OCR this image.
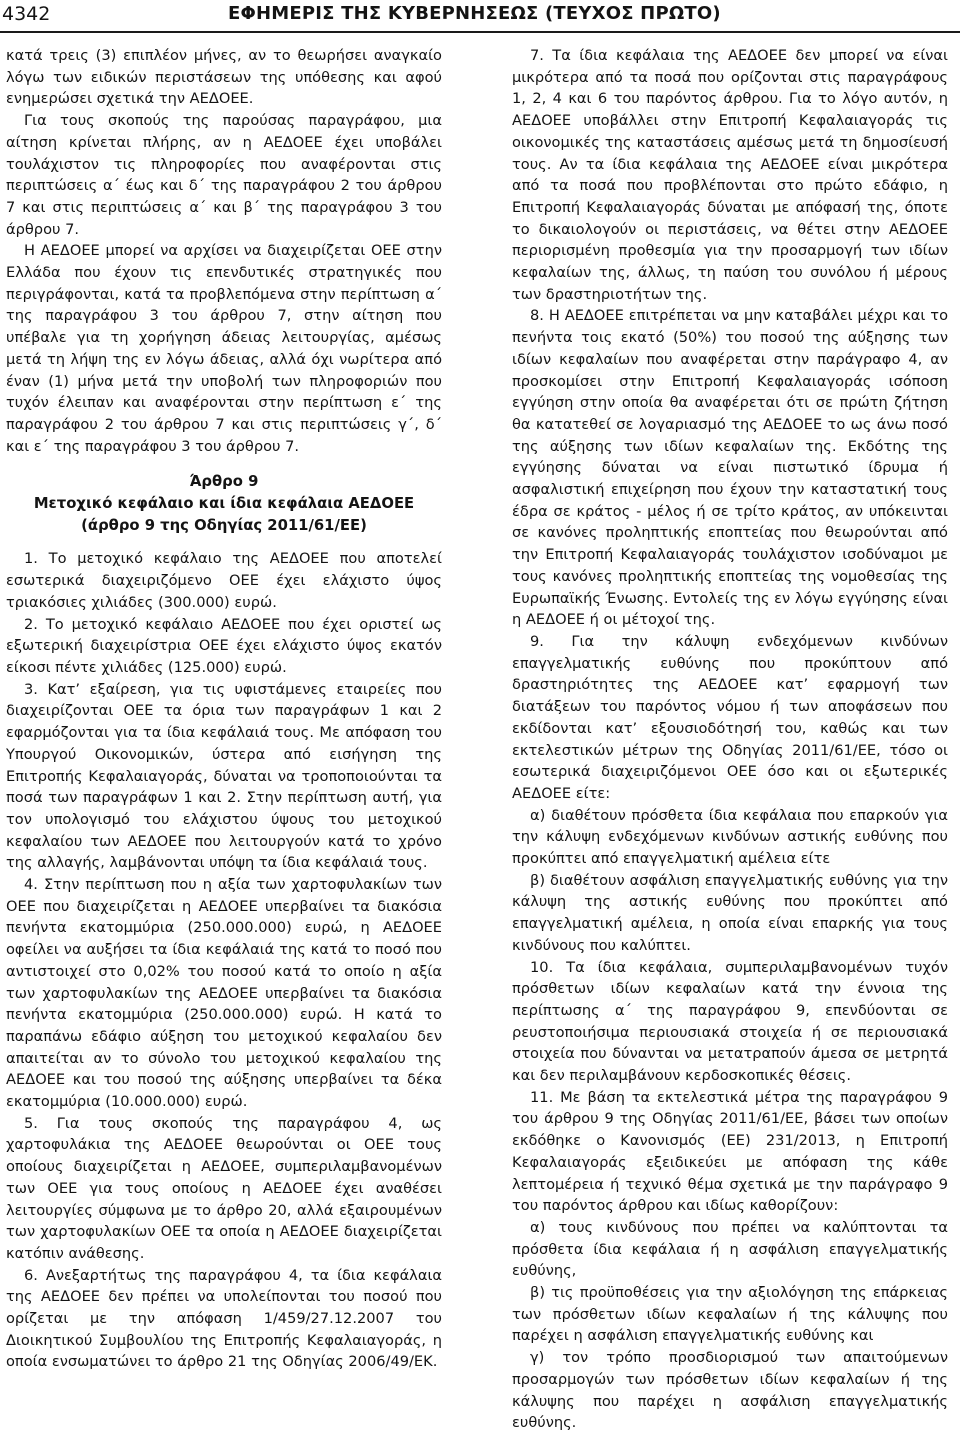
4342	ΕΦΗΜΕΡΙΣ ΤΗΣ ΚΥΒΕΡΝΗΣΕΩΣ (ΤΕΥΧΟΣ ΠΡΩΤΟ)

κατά τρεις (3) επιπλέον μήνες, αν το θεωρήσει αναγκαίο λόγω των ειδικών περιστάσεων της υπόθεσης και αφού ενημερώσει σχετικά την ΑΕΔΟΕΕ.

Για τους σκοπούς της παρούσας παραγράφου, μια αίτηση κρίνεται πλήρης, αν η ΑΕΔΟΕΕ έχει υποβάλει τουλάχιστον τις πληροφορίες που αναφέρονται στις περιπτώσεις α΄ έως και δ΄ της παραγράφου 2 του άρθρου 7 και στις περιπτώσεις α΄ και β΄ της παραγράφου 3 του άρθρου 7.

Η ΑΕΔΟΕΕ μπορεί να αρχίσει να διαχειρίζεται ΟΕΕ στην Ελλάδα που έχουν τις επενδυτικές στρατηγικές που περιγράφονται, κατά τα προβλεπόμενα στην περίπτωση α΄ της παραγράφου 3 του άρθρου 7, στην αίτηση που υπέβαλε για τη χορήγηση άδειας λειτουργίας, αμέσως μετά τη λήψη της εν λόγω άδειας, αλλά όχι νωρίτερα από έναν (1) μήνα μετά την υποβολή των πληροφοριών που τυχόν έλειπαν και αναφέρονται στην περίπτωση ε΄ της παραγράφου 2 του άρθρου 7 και στις περιπτώσεις γ΄, δ΄ και ε΄ της παραγράφου 3 του άρθρου 7.

Άρθρο 9
Μετοχικό κεφάλαιο και ίδια κεφάλαια ΑΕΔΟΕΕ
(άρθρο 9 της Οδηγίας 2011/61/ΕΕ)

1. Το μετοχικό κεφάλαιο της ΑΕΔΟΕΕ που αποτελεί εσωτερικά διαχειριζόμενο ΟΕΕ έχει ελάχιστο ύψος τριακόσιες χιλιάδες (300.000) ευρώ.

2. Το μετοχικό κεφάλαιο ΑΕΔΟΕΕ που έχει οριστεί ως εξωτερική διαχειρίστρια ΟΕΕ έχει ελάχιστο ύψος εκατόν είκοσι πέντε χιλιάδες (125.000) ευρώ.

3. Κατ’ εξαίρεση, για τις υφιστάμενες εταιρείες που διαχειρίζονται ΟΕΕ τα όρια των παραγράφων 1 και 2 εφαρμόζονται για τα ίδια κεφάλαιά τους. Με απόφαση του Υπουργού Οικονομικών, ύστερα από εισήγηση της Επιτροπής Κεφαλαιαγοράς, δύναται να τροποποιούνται τα ποσά των παραγράφων 1 και 2. Στην περίπτωση αυτή, για τον υπολογισμό του ελάχιστου ύψους του μετοχικού κεφαλαίου των ΑΕΔΟΕΕ που λειτουργούν κατά το χρόνο της αλλαγής, λαμβάνονται υπόψη τα ίδια κεφάλαιά τους.

4. Στην περίπτωση που η αξία των χαρτοφυλακίων των ΟΕΕ που διαχειρίζεται η ΑΕΔΟΕΕ υπερβαίνει τα διακόσια πενήντα εκατομμύρια (250.000.000) ευρώ, η ΑΕΔΟΕΕ οφείλει να αυξήσει τα ίδια κεφάλαιά της κατά το ποσό που αντιστοιχεί στο 0,02% του ποσού κατά το οποίο η αξία των χαρτοφυλακίων της ΑΕΔΟΕΕ υπερβαίνει τα διακόσια πενήντα εκατομμύρια (250.000.000) ευρώ. Η κατά το παραπάνω εδάφιο αύξηση του μετοχικού κεφαλαίου δεν απαιτείται αν το σύνολο του μετοχικού κεφαλαίου της ΑΕΔΟΕΕ και του ποσού της αύξησης υπερβαίνει τα δέκα εκατομμύρια (10.000.000) ευρώ.

5. Για τους σκοπούς της παραγράφου 4, ως χαρτοφυλάκια της ΑΕΔΟΕΕ θεωρούνται οι ΟΕΕ τους οποίους διαχειρίζεται η ΑΕΔΟΕΕ, συμπεριλαμβανομένων των ΟΕΕ για τους οποίους η ΑΕΔΟΕΕ έχει αναθέσει λειτουργίες σύμφωνα με το άρθρο 20, αλλά εξαιρουμένων των χαρτοφυλακίων ΟΕΕ τα οποία η ΑΕΔΟΕΕ διαχειρίζεται κατόπιν ανάθεσης.

6. Ανεξαρτήτως της παραγράφου 4, τα ίδια κεφάλαια της ΑΕΔΟΕΕ δεν πρέπει να υπολείπονται του ποσού που ορίζεται με την απόφαση 1/459/27.12.2007 του Διοικητικού Συμβουλίου της Επιτροπής Κεφαλαιαγοράς, η οποία ενσωματώνει το άρθρο 21 της Οδηγίας 2006/49/ΕΚ.

7. Τα ίδια κεφάλαια της ΑΕΔΟΕΕ δεν μπορεί να είναι μικρότερα από τα ποσά που ορίζονται στις παραγράφους 1, 2, 4 και 6 του παρόντος άρθρου. Για το λόγο αυτόν, η ΑΕΔΟΕΕ υποβάλλει στην Επιτροπή Κεφαλαιαγοράς τις οικονομικές της καταστάσεις αμέσως μετά τη δημοσίευσή τους. Αν τα ίδια κεφάλαια της ΑΕΔΟΕΕ είναι μικρότερα από τα ποσά που προβλέπονται στο πρώτο εδάφιο, η Επιτροπή Κεφαλαιαγοράς δύναται με απόφασή της, όποτε το δικαιολογούν οι περιστάσεις, να θέτει στην ΑΕΔΟΕΕ περιορισμένη προθεσμία για την προσαρμογή των ιδίων κεφαλαίων της, άλλως, τη παύση του συνόλου ή μέρους των δραστηριοτήτων της.

8. Η ΑΕΔΟΕΕ επιτρέπεται να μην καταβάλει μέχρι και το πενήντα τοις εκατό (50%) του ποσού της αύξησης των ιδίων κεφαλαίων που αναφέρεται στην παράγραφο 4, αν προσκομίσει στην Επιτροπή Κεφαλαιαγοράς ισόποση εγγύηση στην οποία θα αναφέρεται ότι σε πρώτη ζήτηση θα κατατεθεί σε λογαριασμό της ΑΕΔΟΕΕ το ως άνω ποσό της αύξησης των ιδίων κεφαλαίων της. Εκδότης της εγγύησης δύναται να είναι πιστωτικό ίδρυμα ή ασφαλιστική επιχείρηση που έχουν την καταστατική τους έδρα σε κράτος - μέλος ή σε τρίτο κράτος, αν υπόκεινται σε κανόνες προληπτικής εποπτείας που θεωρούνται από την Επιτροπή Κεφαλαιαγοράς τουλάχιστον ισοδύναμοι με τους κανόνες προληπτικής εποπτείας της νομοθεσίας της Ευρωπαϊκής Ένωσης. Εντολείς της εν λόγω εγγύησης είναι η ΑΕΔΟΕΕ ή οι μέτοχοί της.

9. Για την κάλυψη ενδεχόμενων κινδύνων επαγγελματικής ευθύνης που προκύπτουν από δραστηριότητες της ΑΕΔΟΕΕ κατ’ εφαρμογή των διατάξεων του παρόντος νόμου ή των αποφάσεων που εκδίδονται κατ’ εξουσιοδότησή του, καθώς και των εκτελεστικών μέτρων της Οδηγίας 2011/61/ΕΕ, τόσο οι εσωτερικά διαχειριζόμενοι ΟΕΕ όσο και οι εξωτερικές ΑΕΔΟΕΕ είτε:

α) διαθέτουν πρόσθετα ίδια κεφάλαια που επαρκούν για την κάλυψη ενδεχόμενων κινδύνων αστικής ευθύνης που προκύπτει από επαγγελματική αμέλεια είτε

β) διαθέτουν ασφάλιση επαγγελματικής ευθύνης για την κάλυψη της αστικής ευθύνης που προκύπτει από επαγγελματική αμέλεια, η οποία είναι επαρκής για τους κινδύνους που καλύπτει.

10. Τα ίδια κεφάλαια, συμπεριλαμβανομένων τυχόν πρόσθετων ιδίων κεφαλαίων κατά την έννοια της περίπτωσης α΄ της παραγράφου 9, επενδύονται σε ρευστοποιήσιμα περιουσιακά στοιχεία ή σε περιουσιακά στοιχεία που δύνανται να μετατραπούν άμεσα σε μετρητά και δεν περιλαμβάνουν κερδοσκοπικές θέσεις.

11. Με βάση τα εκτελεστικά μέτρα της παραγράφου 9 του άρθρου 9 της Οδηγίας 2011/61/ΕΕ, βάσει των οποίων εκδόθηκε ο Κανονισμός (ΕΕ) 231/2013, η Επιτροπή Κεφαλαιαγοράς εξειδικεύει με απόφαση της κάθε λεπτομέρεια ή τεχνικό θέμα σχετικά με την παράγραφο 9 του παρόντος άρθρου και ιδίως καθορίζουν:

α) τους κινδύνους που πρέπει να καλύπτονται τα πρόσθετα ίδια κεφάλαια ή η ασφάλιση επαγγελματικής ευθύνης,

β) τις προϋποθέσεις για την αξιολόγηση της επάρκειας των πρόσθετων ιδίων κεφαλαίων ή της κάλυψης που παρέχει η ασφάλιση επαγγελματικής ευθύνης και

γ) τον τρόπο προσδιορισμού των απαιτούμενων προσαρμογών των πρόσθετων ιδίων κεφαλαίων ή της κάλυψης που παρέχει η ασφάλιση επαγγελματικής ευθύνης.
